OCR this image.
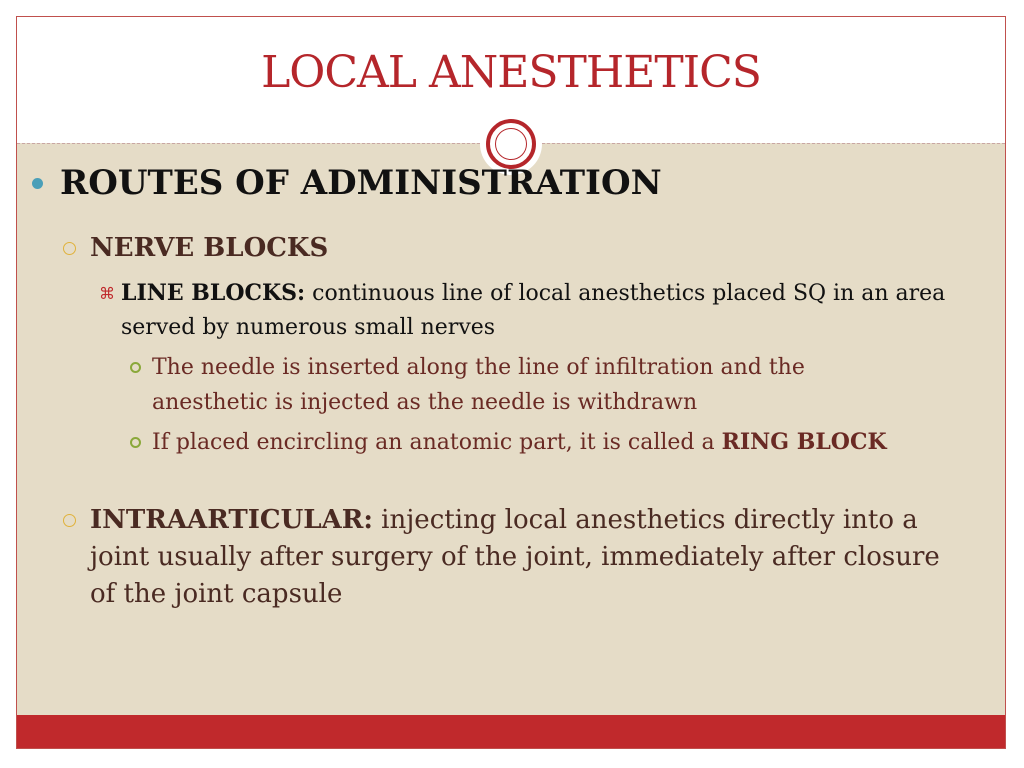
LOCAL ANESTHETICS
ROUTES OF ADMINISTRATION
NERVE BLOCKS
⌘ LINE BLOCKS: continuous line of local anesthetics placed SQ in an area served by numerous small nerves
The needle is inserted along the line of infiltration and the anesthetic is injected as the needle is withdrawn
If placed encircling an anatomic part, it is called a RING BLOCK
INTRAARTICULAR: injecting local anesthetics directly into a joint usually after surgery of the joint, immediately after closure of the joint capsule
